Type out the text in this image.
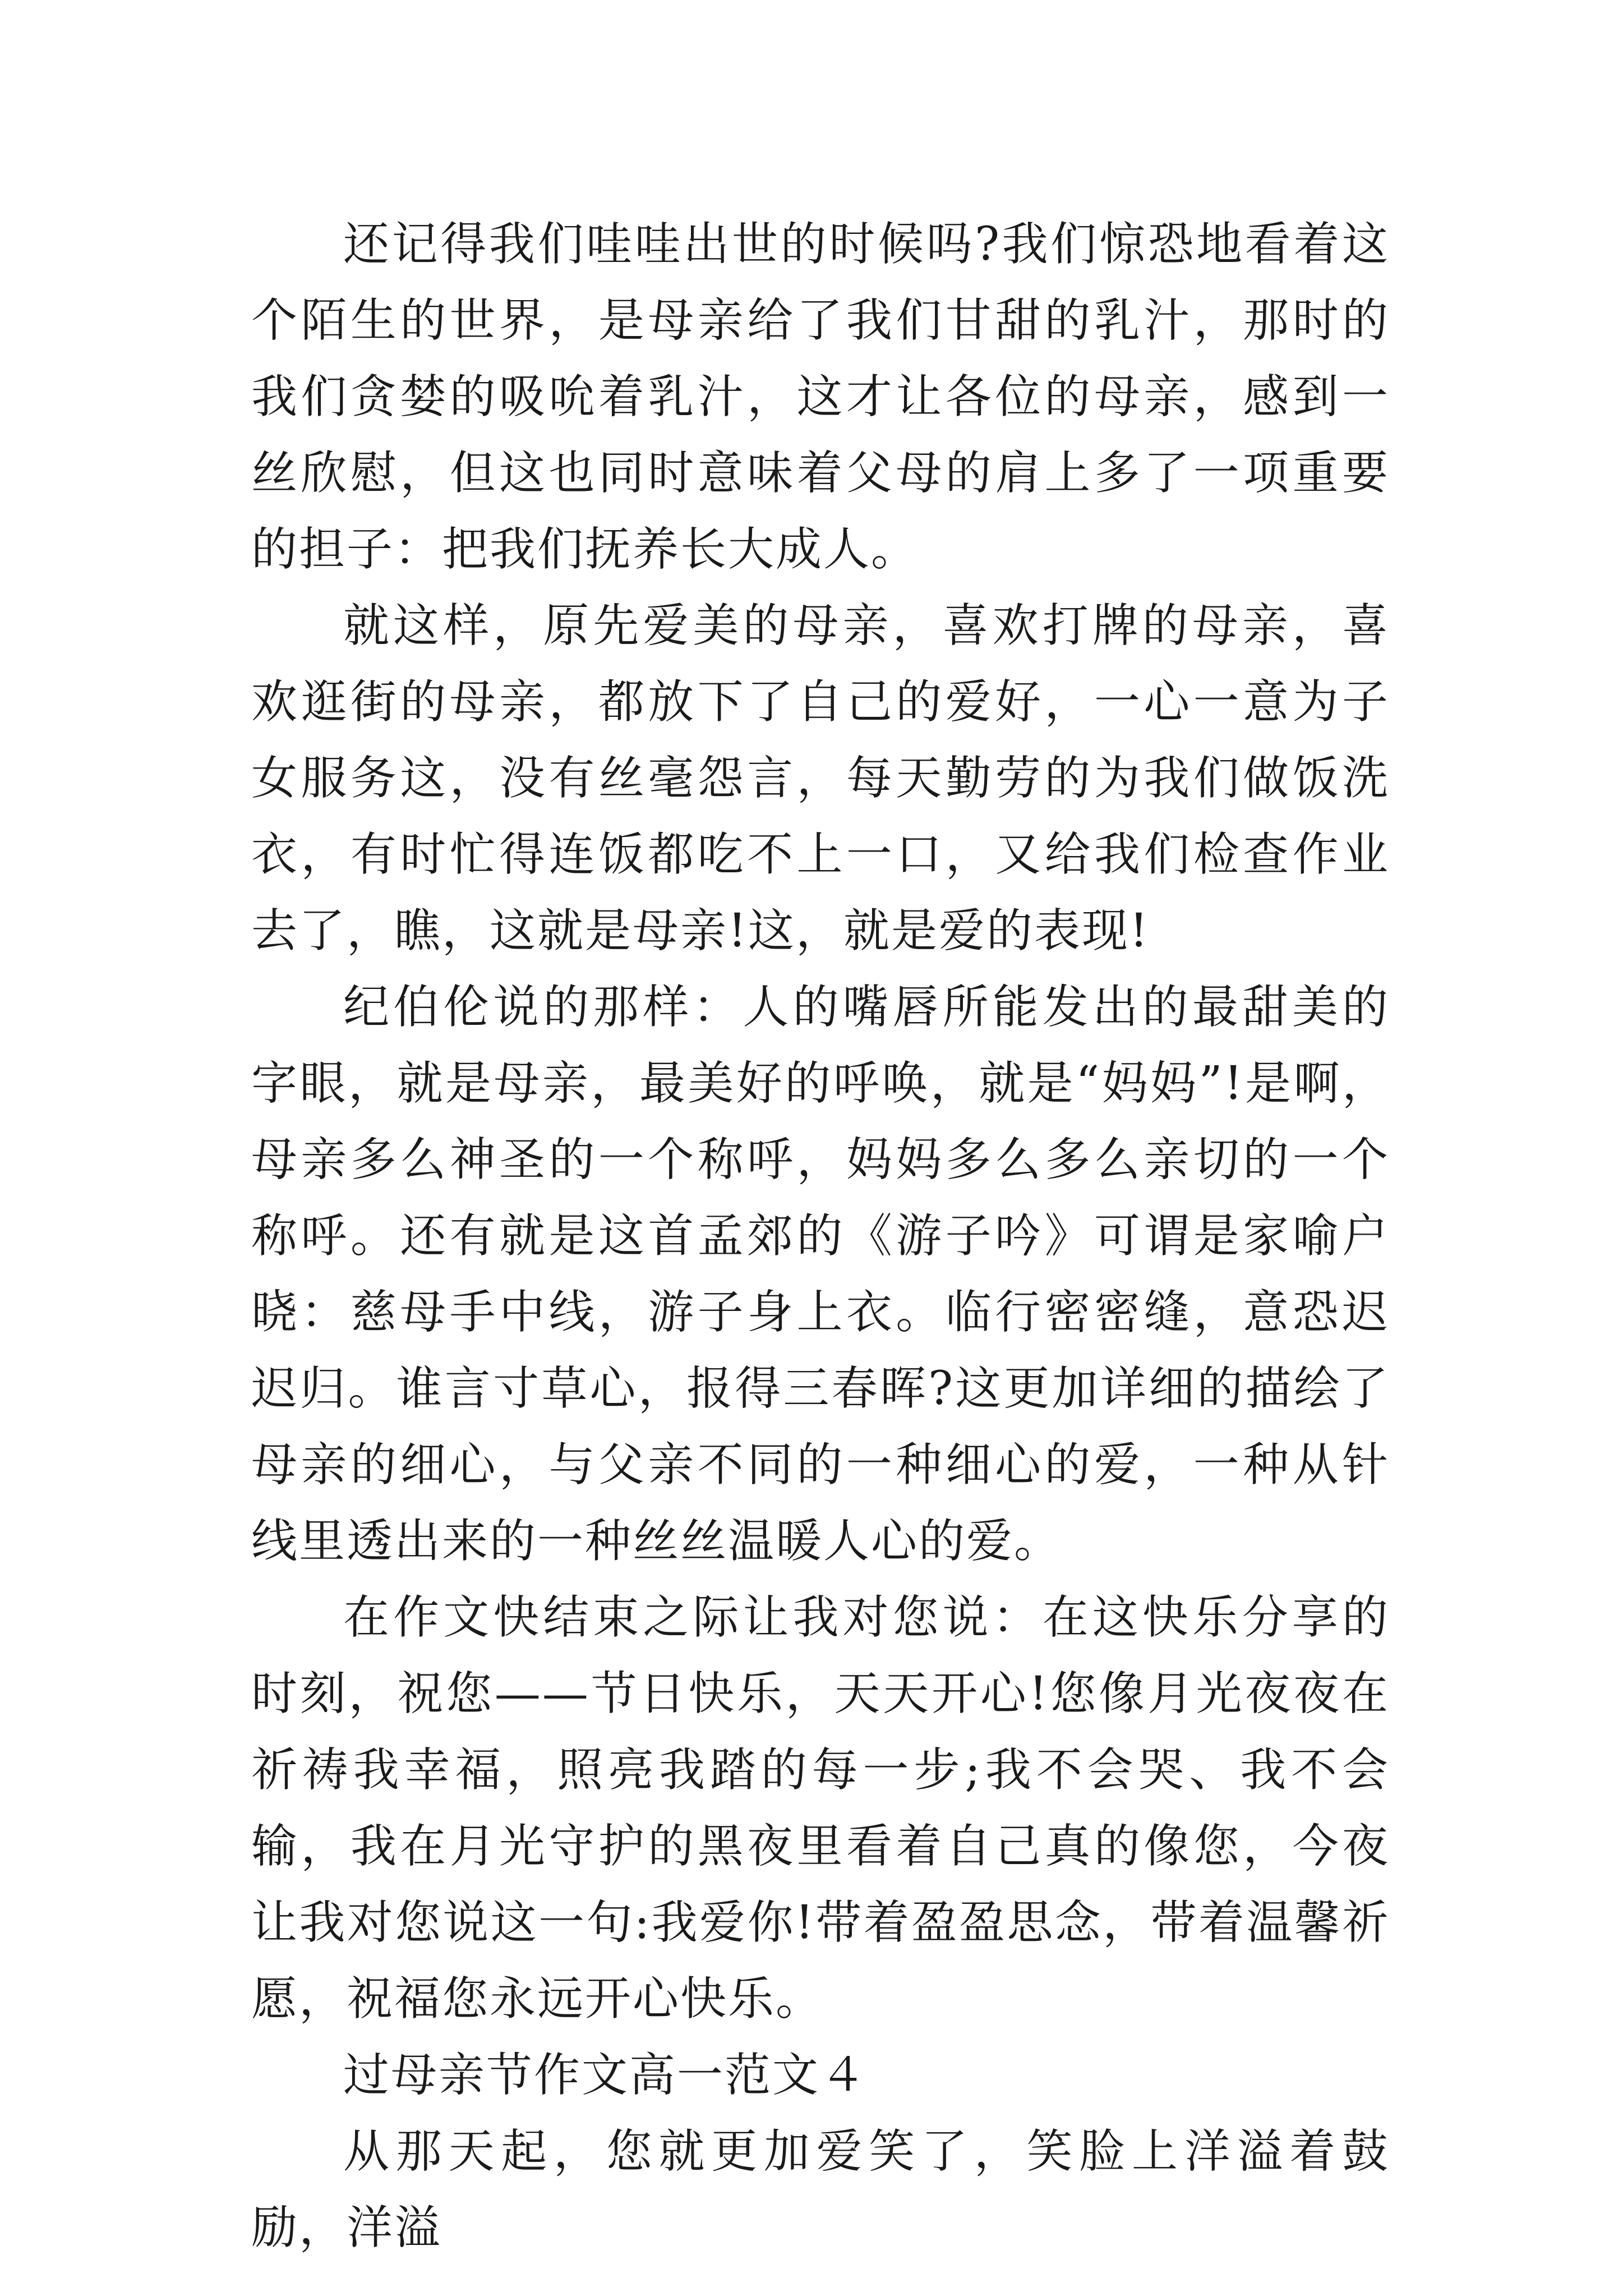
还记得我们哇哇出世的时候吗?我们惊恐地看着这个陌生的世界，是母亲给了我们甘甜的乳汁，那时的我们贪婪的吸吮着乳汁，这才让各位的母亲，感到一丝欣慰，但这也同时意味着父母的肩上多了一项重要的担子：把我们抚养长大成人。

就这样，原先爱美的母亲，喜欢打牌的母亲，喜欢逛街的母亲，都放下了自己的爱好，一心一意为子女服务这，没有丝毫怨言，每天勤劳的为我们做饭洗衣，有时忙得连饭都吃不上一口，又给我们检查作业去了，瞧，这就是母亲!这，就是爱的表现!

纪伯伦说的那样：人的嘴唇所能发出的最甜美的字眼，就是母亲，最美好的呼唤，就是“妈妈”!是啊，母亲多么神圣的一个称呼，妈妈多么多么亲切的一个称呼。还有就是这首孟郊的《游子吟》可谓是家喻户晓：慈母手中线，游子身上衣。临行密密缝，意恐迟迟归。谁言寸草心，报得三春晖?这更加详细的描绘了母亲的细心，与父亲不同的一种细心的爱，一种从针线里透出来的一种丝丝温暖人心的爱。

在作文快结束之际让我对您说：在这快乐分享的时刻，祝您——节日快乐，天天开心!您像月光夜夜在祈祷我幸福，照亮我踏的每一步;我不会哭、我不会输，我在月光守护的黑夜里看着自己真的像您，今夜让我对您说这一句:我爱你!带着盈盈思念，带着温馨祈愿，祝福您永远开心快乐。

过母亲节作文高一范文４

从那天起，您就更加爱笑了，笑脸上洋溢着鼓励，洋溢
